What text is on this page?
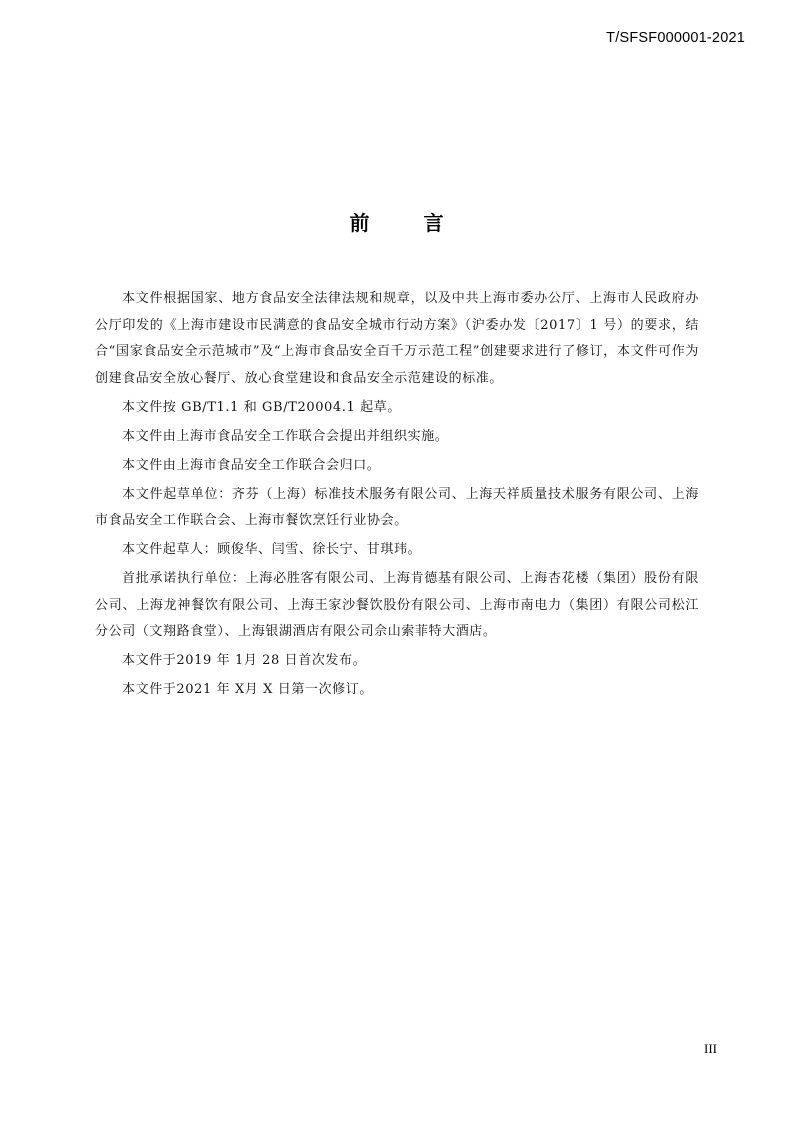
T/SFSF000001-2021
前	言

本文件根据国家、地方食品安全法律法规和规章，以及中共上海市委办公厅、上海市人民政府办公厅印发的《上海市建设市民满意的食品安全城市行动方案》（沪委办发〔2017〕1 号）的要求，结合“国家食品安全示范城市”及“上海市食品安全百千万示范工程”创建要求进行了修订，本文件可作为创建食品安全放心餐厅、放心食堂建设和食品安全示范建设的标准。

本文件按 GB/T1.1 和 GB/T20004.1 起草。

本文件由上海市食品安全工作联合会提出并组织实施。

本文件由上海市食品安全工作联合会归口。

本文件起草单位：齐芬（上海）标准技术服务有限公司、上海天祥质量技术服务有限公司、上海市食品安全工作联合会、上海市餐饮烹饪行业协会。

本文件起草人：顾俊华、闫雪、徐长宁、甘琪玮。

首批承诺执行单位：上海必胜客有限公司、上海肯德基有限公司、上海杏花楼（集团）股份有限公司、上海龙神餐饮有限公司、上海王家沙餐饮股份有限公司、上海市南电力（集团）有限公司松江分公司（文翔路食堂）、上海银湖酒店有限公司佘山索菲特大酒店。

本文件于2019 年 1月 28 日首次发布。

本文件于2021 年 X月 X 日第一次修订。

III
